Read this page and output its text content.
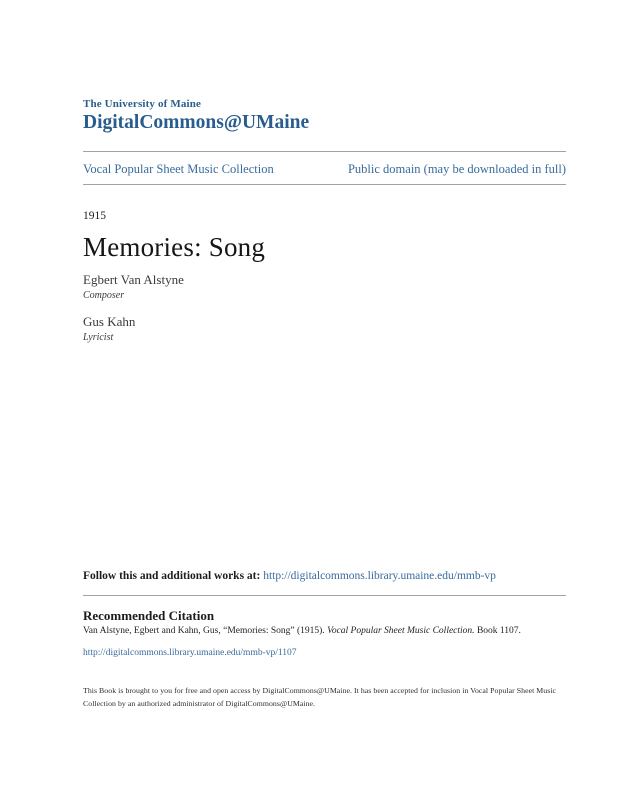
The University of Maine
DigitalCommons@UMaine
Vocal Popular Sheet Music Collection	Public domain (may be downloaded in full)
1915
Memories: Song
Egbert Van Alstyne
Composer
Gus Kahn
Lyricist
Follow this and additional works at: http://digitalcommons.library.umaine.edu/mmb-vp
Recommended Citation

Van Alstyne, Egbert and Kahn, Gus, “Memories: Song” (1915). Vocal Popular Sheet Music Collection. Book 1107.

http://digitalcommons.library.umaine.edu/mmb-vp/1107

This Book is brought to you for free and open access by DigitalCommons@UMaine. It has been accepted for inclusion in Vocal Popular Sheet Music Collection by an authorized administrator of DigitalCommons@UMaine.
